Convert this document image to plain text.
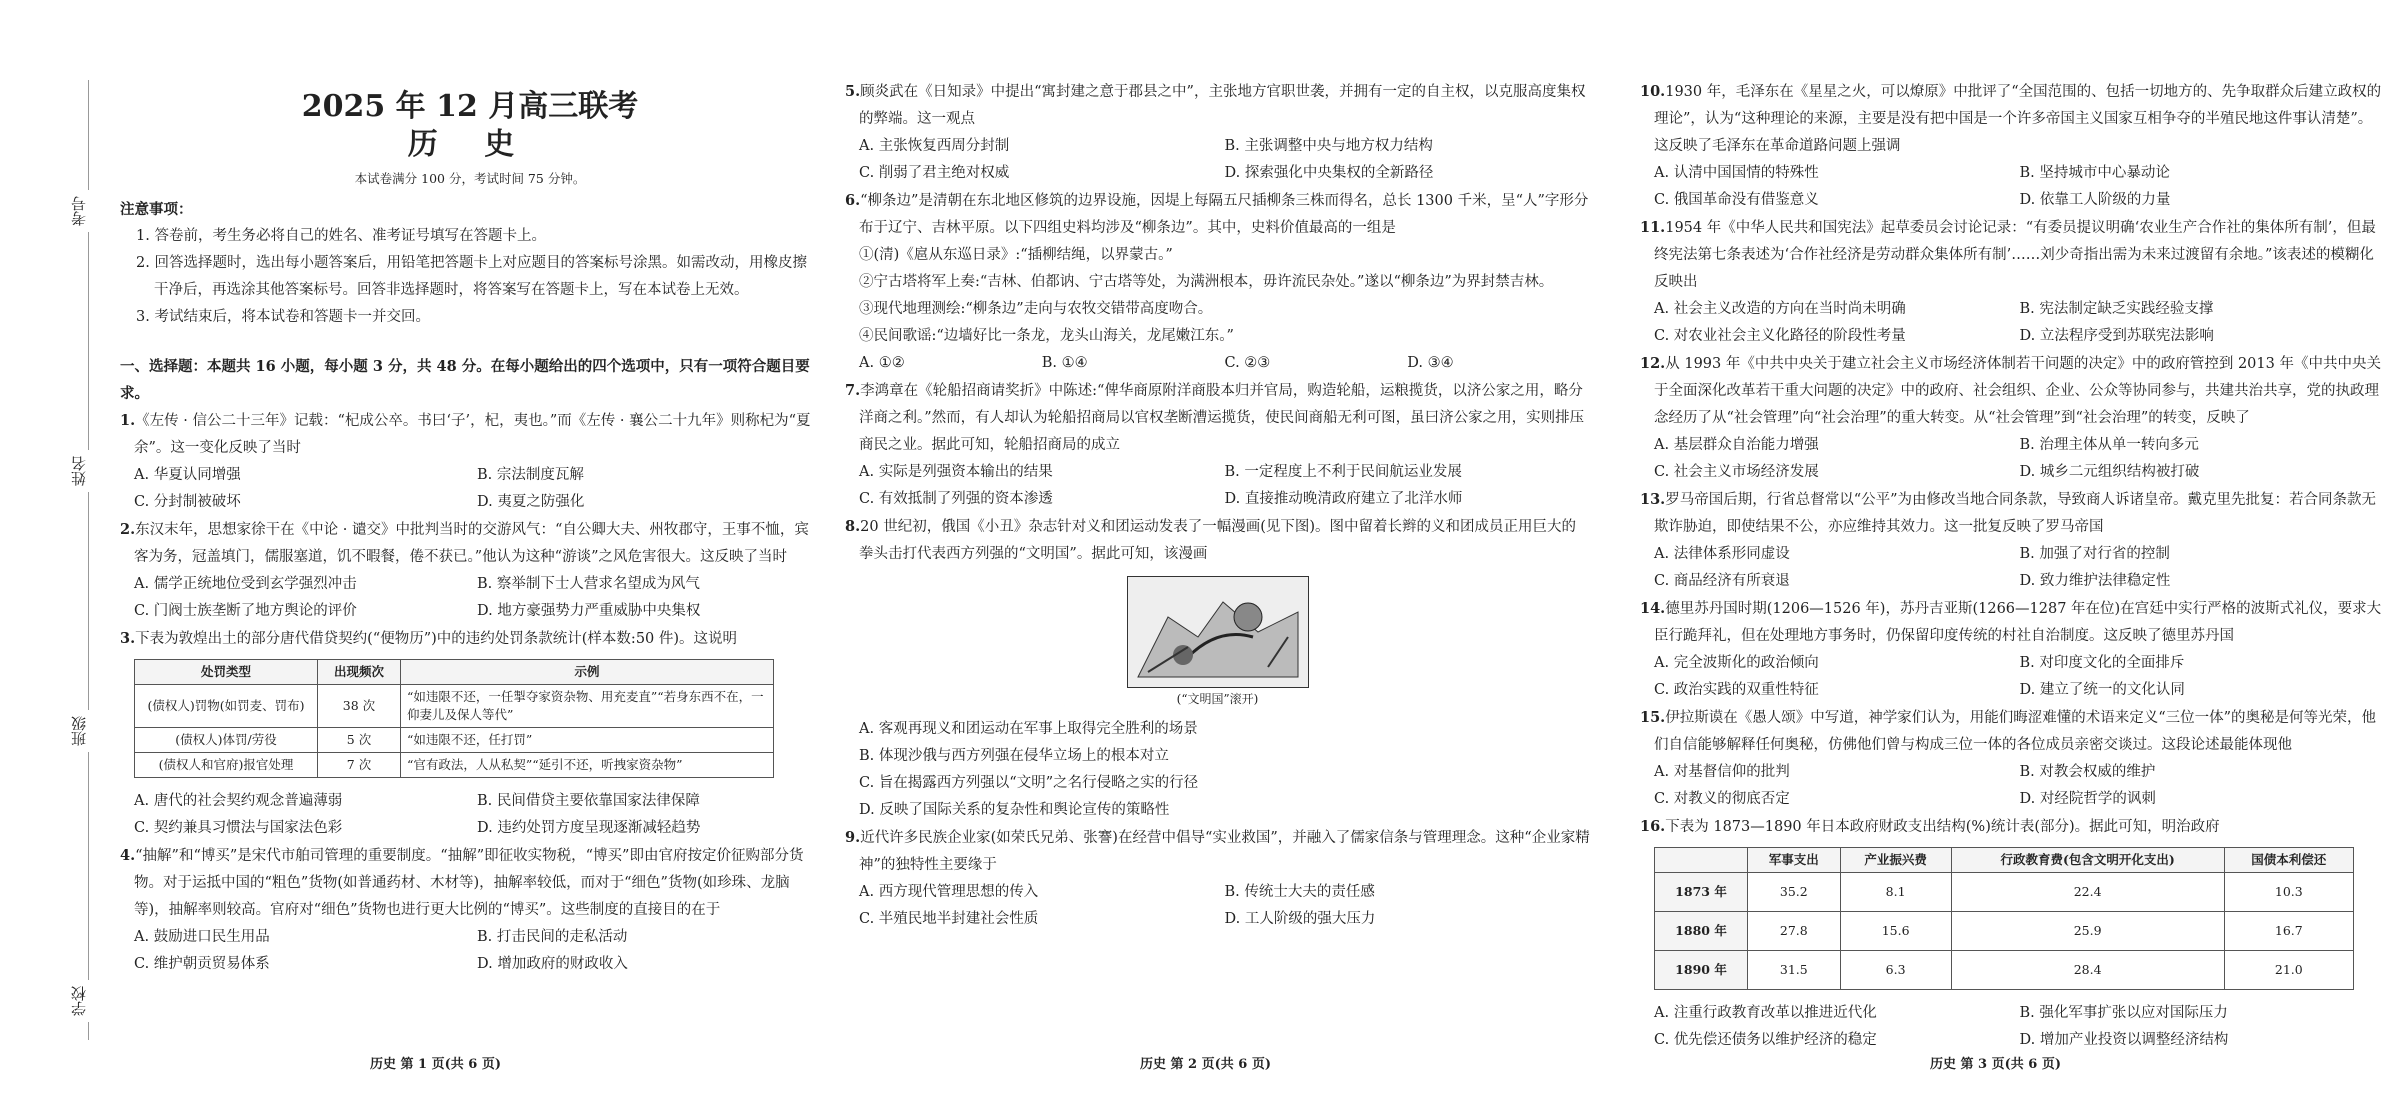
考号
姓名
班级
学校
2025 年 12 月高三联考
历 史
本试卷满分 100 分，考试时间 75 分钟。
注意事项：
1. 答卷前，考生务必将自己的姓名、准考证号填写在答题卡上。
2. 回答选择题时，选出每小题答案后，用铅笔把答题卡上对应题目的答案标号涂黑。如需改动，用橡皮擦干净后，再选涂其他答案标号。回答非选择题时，将答案写在答题卡上，写在本试卷上无效。
3. 考试结束后，将本试卷和答题卡一并交回。
一、选择题：本题共 16 小题，每小题 3 分，共 48 分。在每小题给出的四个选项中，只有一项符合题目要求。
1.《左传 · 信公二十三年》记载：“杞成公卒。书曰‘子’，杞，夷也。”而《左传 · 襄公二十九年》则称杞为“夏余”。这一变化反映了当时
A. 华夏认同增强	B. 宗法制度瓦解
C. 分封制被破坏	D. 夷夏之防强化
2.东汉末年，思想家徐干在《中论 · 谴交》中批判当时的交游风气：“自公卿大夫、州牧郡守，王事不恤，宾客为务，冠盖填门，儒服塞道，饥不暇餐，倦不获已。”他认为这种“游谈”之风危害很大。这反映了当时
A. 儒学正统地位受到玄学强烈冲击	B. 察举制下士人营求名望成为风气
C. 门阀士族垄断了地方舆论的评价	D. 地方豪强势力严重威胁中央集权
3.下表为敦煌出土的部分唐代借贷契约(“便物历”)中的违约处罚条款统计(样本数:50 件)。这说明
处罚类型	出现频次	示例
(债权人)罚物(如罚麦、罚布)	38 次	“如违限不还，一任掣夺家资杂物、用充麦直”“若身东西不在，一仰妻儿及保人等代”
(债权人)体罚/劳役	5 次	“如违限不还，任打罚”
(债权人和官府)报官处理	7 次	“官有政法，人从私契”“延引不还，听拽家资杂物”
A. 唐代的社会契约观念普遍薄弱	B. 民间借贷主要依靠国家法律保障
C. 契约兼具习惯法与国家法色彩	D. 违约处罚方度呈现逐渐减轻趋势
4.“抽解”和“博买”是宋代市舶司管理的重要制度。“抽解”即征收实物税，“博买”即由官府按定价征购部分货物。对于运抵中国的“粗色”货物(如普通药材、木材等)，抽解率较低，而对于“细色”货物(如珍珠、龙脑等)，抽解率则较高。官府对“细色”货物也进行更大比例的“博买”。这些制度的直接目的在于
A. 鼓励进口民生用品	B. 打击民间的走私活动
C. 维护朝贡贸易体系	D. 增加政府的财政收入
5.顾炎武在《日知录》中提出“寓封建之意于郡县之中”，主张地方官职世袭，并拥有一定的自主权，以克服高度集权的弊端。这一观点
A. 主张恢复西周分封制	B. 主张调整中央与地方权力结构
C. 削弱了君主绝对权威	D. 探索强化中央集权的全新路径
6.“柳条边”是清朝在东北地区修筑的边界设施，因堤上每隔五尺插柳条三株而得名，总长 1300 千米，呈“人”字形分布于辽宁、吉林平原。以下四组史料均涉及“柳条边”。其中，史料价值最高的一组是
①(清)《扈从东巡日录》:“插柳结绳，以界蒙古。”
②宁古塔将军上奏:“吉林、伯都讷、宁古塔等处，为满洲根本，毋许流民杂处。”遂以“柳条边”为界封禁吉林。
③现代地理测绘:“柳条边”走向与农牧交错带高度吻合。
④民间歌谣:“边墙好比一条龙，龙头山海关，龙尾嫩江东。”
A. ①②	B. ①④	C. ②③	D. ③④
7.李鸿章在《轮船招商请奖折》中陈述:“俾华商原附洋商股本归并官局，购造轮船，运粮揽货，以济公家之用，略分洋商之利。”然而，有人却认为轮船招商局以官权垄断漕运揽货，使民间商船无利可图，虽曰济公家之用，实则排压商民之业。据此可知，轮船招商局的成立
A. 实际是列强资本输出的结果	B. 一定程度上不利于民间航运业发展
C. 有效抵制了列强的资本渗透	D. 直接推动晚清政府建立了北洋水师
8.20 世纪初，俄国《小丑》杂志针对义和团运动发表了一幅漫画(见下图)。图中留着长辫的义和团成员正用巨大的拳头击打代表西方列强的“文明国”。据此可知，该漫画
(“文明国”滚开)
A. 客观再现义和团运动在军事上取得完全胜利的场景
B. 体现沙俄与西方列强在侵华立场上的根本对立
C. 旨在揭露西方列强以“文明”之名行侵略之实的行径
D. 反映了国际关系的复杂性和舆论宣传的策略性
9.近代许多民族企业家(如荣氏兄弟、张謇)在经营中倡导“实业救国”，并融入了儒家信条与管理理念。这种“企业家精神”的独特性主要缘于
A. 西方现代管理思想的传入	B. 传统士大夫的责任感
C. 半殖民地半封建社会性质	D. 工人阶级的强大压力
10.1930 年，毛泽东在《星星之火，可以燎原》中批评了“全国范围的、包括一切地方的、先争取群众后建立政权的理论”，认为“这种理论的来源，主要是没有把中国是一个许多帝国主义国家互相争夺的半殖民地这件事认清楚”。这反映了毛泽东在革命道路问题上强调
A. 认清中国国情的特殊性	B. 坚持城市中心暴动论
C. 俄国革命没有借鉴意义	D. 依靠工人阶级的力量
11.1954 年《中华人民共和国宪法》起草委员会讨论记录：“有委员提议明确‘农业生产合作社的集体所有制’，但最终宪法第七条表述为‘合作社经济是劳动群众集体所有制’……刘少奇指出需为未来过渡留有余地。”该表述的模糊化反映出
A. 社会主义改造的方向在当时尚未明确	B. 宪法制定缺乏实践经验支撑
C. 对农业社会主义化路径的阶段性考量	D. 立法程序受到苏联宪法影响
12.从 1993 年《中共中央关于建立社会主义市场经济体制若干问题的决定》中的政府管控到 2013 年《中共中央关于全面深化改革若干重大问题的决定》中的政府、社会组织、企业、公众等协同参与，共建共治共享，党的执政理念经历了从“社会管理”向“社会治理”的重大转变。从“社会管理”到“社会治理”的转变，反映了
A. 基层群众自治能力增强	B. 治理主体从单一转向多元
C. 社会主义市场经济发展	D. 城乡二元组织结构被打破
13.罗马帝国后期，行省总督常以“公平”为由修改当地合同条款，导致商人诉诸皇帝。戴克里先批复：若合同条款无欺诈胁迫，即使结果不公，亦应维持其效力。这一批复反映了罗马帝国
A. 法律体系形同虚设	B. 加强了对行省的控制
C. 商品经济有所衰退	D. 致力维护法律稳定性
14.德里苏丹国时期(1206—1526 年)，苏丹吉亚斯(1266—1287 年在位)在宫廷中实行严格的波斯式礼仪，要求大臣行跪拜礼，但在处理地方事务时，仍保留印度传统的村社自治制度。这反映了德里苏丹国
A. 完全波斯化的政治倾向	B. 对印度文化的全面排斥
C. 政治实践的双重性特征	D. 建立了统一的文化认同
15.伊拉斯谟在《愚人颂》中写道，神学家们认为，用能们晦涩难懂的术语来定义“三位一体”的奥秘是何等光荣，他们自信能够解释任何奥秘，仿佛他们曾与构成三位一体的各位成员亲密交谈过。这段论述最能体现他
A. 对基督信仰的批判	B. 对教会权威的维护
C. 对教义的彻底否定	D. 对经院哲学的讽刺
16.下表为 1873—1890 年日本政府财政支出结构(%)统计表(部分)。据此可知，明治政府
	军事支出	产业振兴费	行政教育费(包含文明开化支出)	国债本利偿还
1873 年	35.2	8.1	22.4	10.3
1880 年	27.8	15.6	25.9	16.7
1890 年	31.5	6.3	28.4	21.0
A. 注重行政教育改革以推进近代化	B. 强化军事扩张以应对国际压力
C. 优先偿还债务以维护经济的稳定	D. 增加产业投资以调整经济结构
历史 第 1 页(共 6 页)	历史 第 2 页(共 6 页)	历史 第 3 页(共 6 页)
